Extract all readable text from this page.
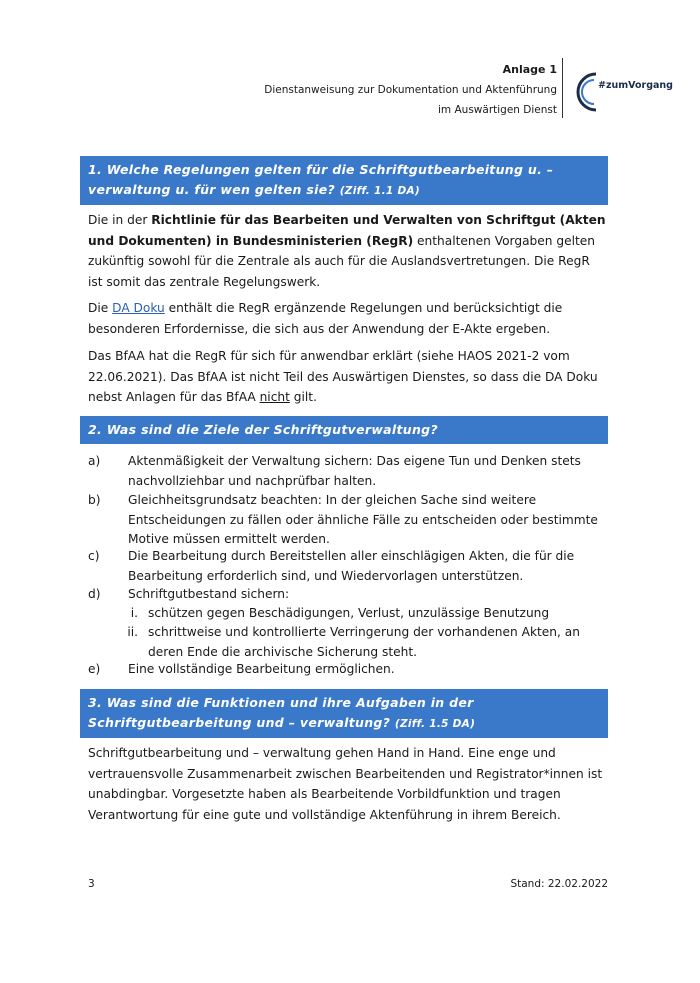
Anlage 1
Dienstanweisung zur Dokumentation und Aktenführung
im Auswärtigen Dienst
#zumVorgang
1. Welche Regelungen gelten für die Schriftgutbearbeitung u. –verwaltung u. für wen gelten sie? (Ziff. 1.1 DA)
Die in der Richtlinie für das Bearbeiten und Verwalten von Schriftgut (Akten und Dokumenten) in Bundesministerien (RegR) enthaltenen Vorgaben gelten zukünftig sowohl für die Zentrale als auch für die Auslandsvertretungen. Die RegR ist somit das zentrale Regelungswerk.
Die DA Doku enthält die RegR ergänzende Regelungen und berücksichtigt die besonderen Erfordernisse, die sich aus der Anwendung der E-Akte ergeben.
Das BfAA hat die RegR für sich für anwendbar erklärt (siehe HAOS 2021-2 vom 22.06.2021). Das BfAA ist nicht Teil des Auswärtigen Dienstes, so dass die DA Doku nebst Anlagen für das BfAA nicht gilt.
2. Was sind die Ziele der Schriftgutverwaltung?
a) Aktenmäßigkeit der Verwaltung sichern: Das eigene Tun und Denken stets nachvollziehbar und nachprüfbar halten.
b) Gleichheitsgrundsatz beachten: In der gleichen Sache sind weitere Entscheidungen zu fällen oder ähnliche Fälle zu entscheiden oder bestimmte Motive müssen ermittelt werden.
c) Die Bearbeitung durch Bereitstellen aller einschlägigen Akten, die für die Bearbeitung erforderlich sind, und Wiedervorlagen unterstützen.
d) Schriftgutbestand sichern:
i. schützen gegen Beschädigungen, Verlust, unzulässige Benutzung
ii. schrittweise und kontrollierte Verringerung der vorhandenen Akten, an deren Ende die archivische Sicherung steht.
e) Eine vollständige Bearbeitung ermöglichen.
3. Was sind die Funktionen und ihre Aufgaben in der Schriftgutbearbeitung und – verwaltung? (Ziff. 1.5 DA)
Schriftgutbearbeitung und – verwaltung gehen Hand in Hand. Eine enge und vertrauensvolle Zusammenarbeit zwischen Bearbeitenden und Registrator*innen ist unabdingbar. Vorgesetzte haben als Bearbeitende Vorbildfunktion und tragen Verantwortung für eine gute und vollständige Aktenführung in ihrem Bereich.
3	Stand: 22.02.2022
